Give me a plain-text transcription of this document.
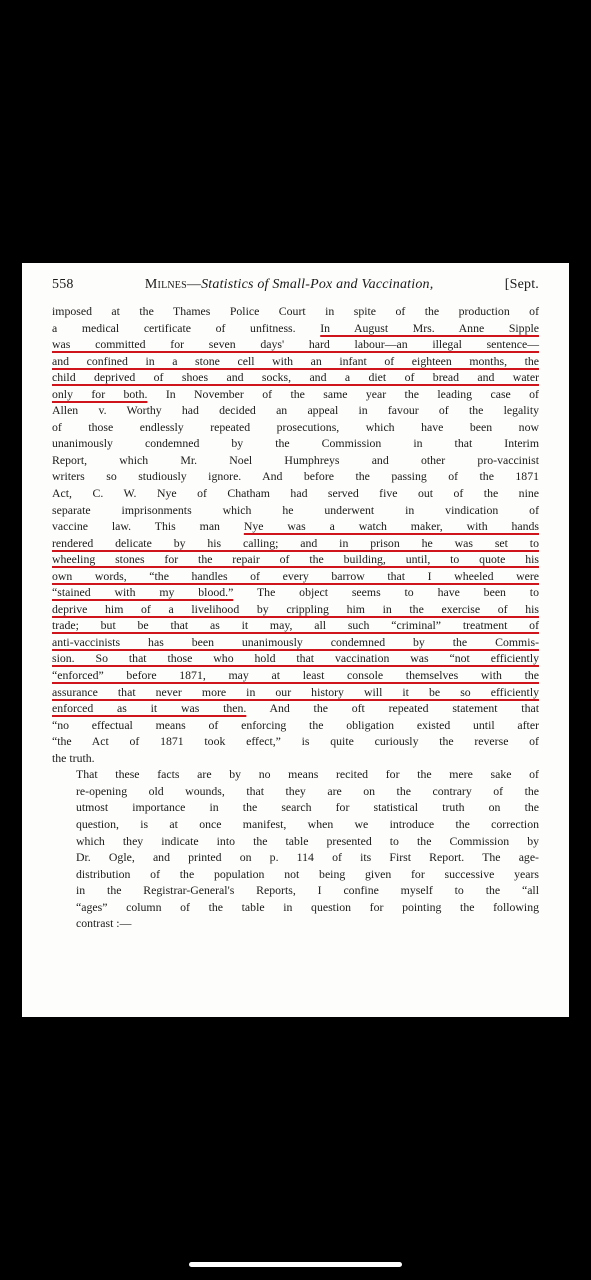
558	Milnes—Statistics of Small-Pox and Vaccination,	[Sept.

imposed at the Thames Police Court in spite of the production of
a medical certificate of unfitness. In August Mrs. Anne Sipple
was committed for seven days' hard labour—an illegal sentence—
and confined in a stone cell with an infant of eighteen months, the
child deprived of shoes and socks, and a diet of bread and water
only for both. In November of the same year the leading case of
Allen v. Worthy had decided an appeal in favour of the legality
of those endlessly repeated prosecutions, which have been now
unanimously condemned by the Commission in that Interim
Report, which Mr. Noel Humphreys and other pro-vaccinist
writers so studiously ignore. And before the passing of the 1871
Act, C. W. Nye of Chatham had served five out of the nine
separate imprisonments which he underwent in vindication of
vaccine law. This man Nye was a watch maker, with hands
rendered delicate by his calling; and in prison he was set to
wheeling stones for the repair of the building, until, to quote his
own words, “the handles of every barrow that I wheeled were
“stained with my blood.” The object seems to have been to
deprive him of a livelihood by crippling him in the exercise of his
trade; but be that as it may, all such “criminal” treatment of
anti-vaccinists has been unanimously condemned by the Commis-
sion. So that those who hold that vaccination was “not efficiently
“enforced” before 1871, may at least console themselves with the
assurance that never more in our history will it be so efficiently
enforced as it was then. And the oft repeated statement that
“no effectual means of enforcing the obligation existed until after
“the Act of 1871 took effect,” is quite curiously the reverse of
the truth.

That these facts are by no means recited for the mere sake of
re-opening old wounds, that they are on the contrary of the
utmost importance in the search for statistical truth on the
question, is at once manifest, when we introduce the correction
which they indicate into the table presented to the Commission by
Dr. Ogle, and printed on p. 114 of its First Report. The age-
distribution of the population not being given for successive years
in the Registrar-General's Reports, I confine myself to the “all
“ages” column of the table in question for pointing the following
contrast :—
